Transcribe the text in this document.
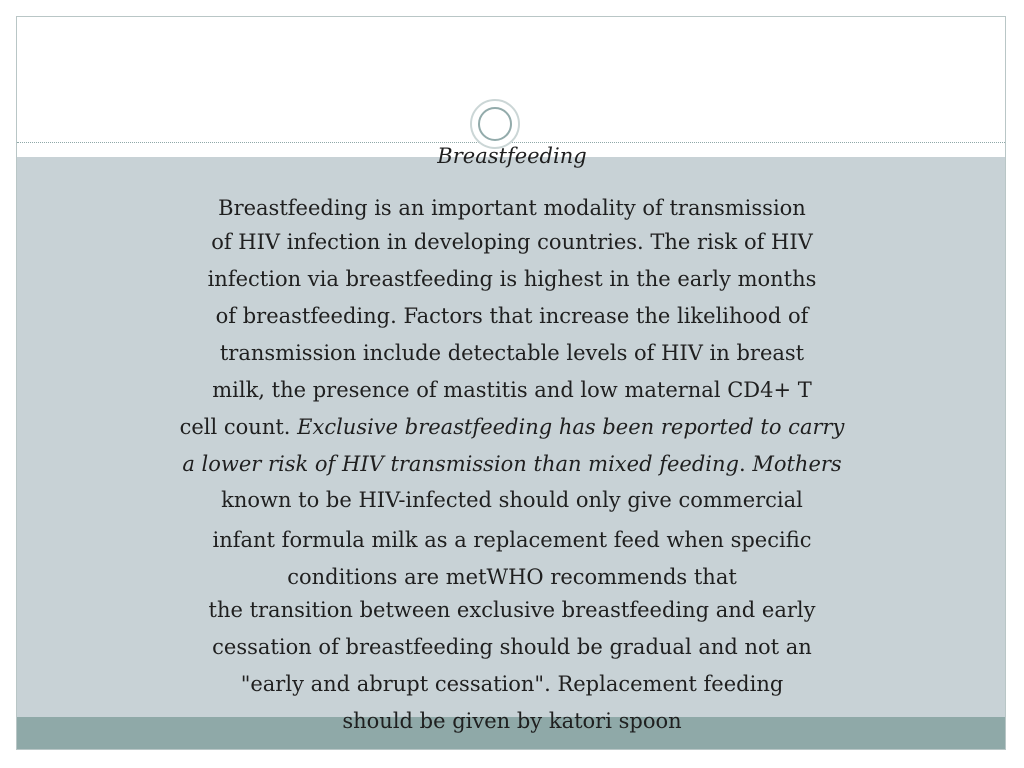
Breastfeeding
Breastfeeding is an important modality of transmission
of HIV infection in developing countries. The risk of HIV
infection via breastfeeding is highest in the early months
of breastfeeding. Factors that increase the likelihood of
transmission include detectable levels of HIV in breast
milk, the presence of mastitis and low maternal CD4+ T
cell count. Exclusive breastfeeding has been reported to carry
a lower risk of HIV transmission than mixed feeding. Mothers
known to be HIV-infected should only give commercial
infant formula milk as a replacement feed when specific
conditions are metWHO recommends that
the transition between exclusive breastfeeding and early
cessation of breastfeeding should be gradual and not an
"early and abrupt cessation". Replacement feeding
should be given by katori spoon
